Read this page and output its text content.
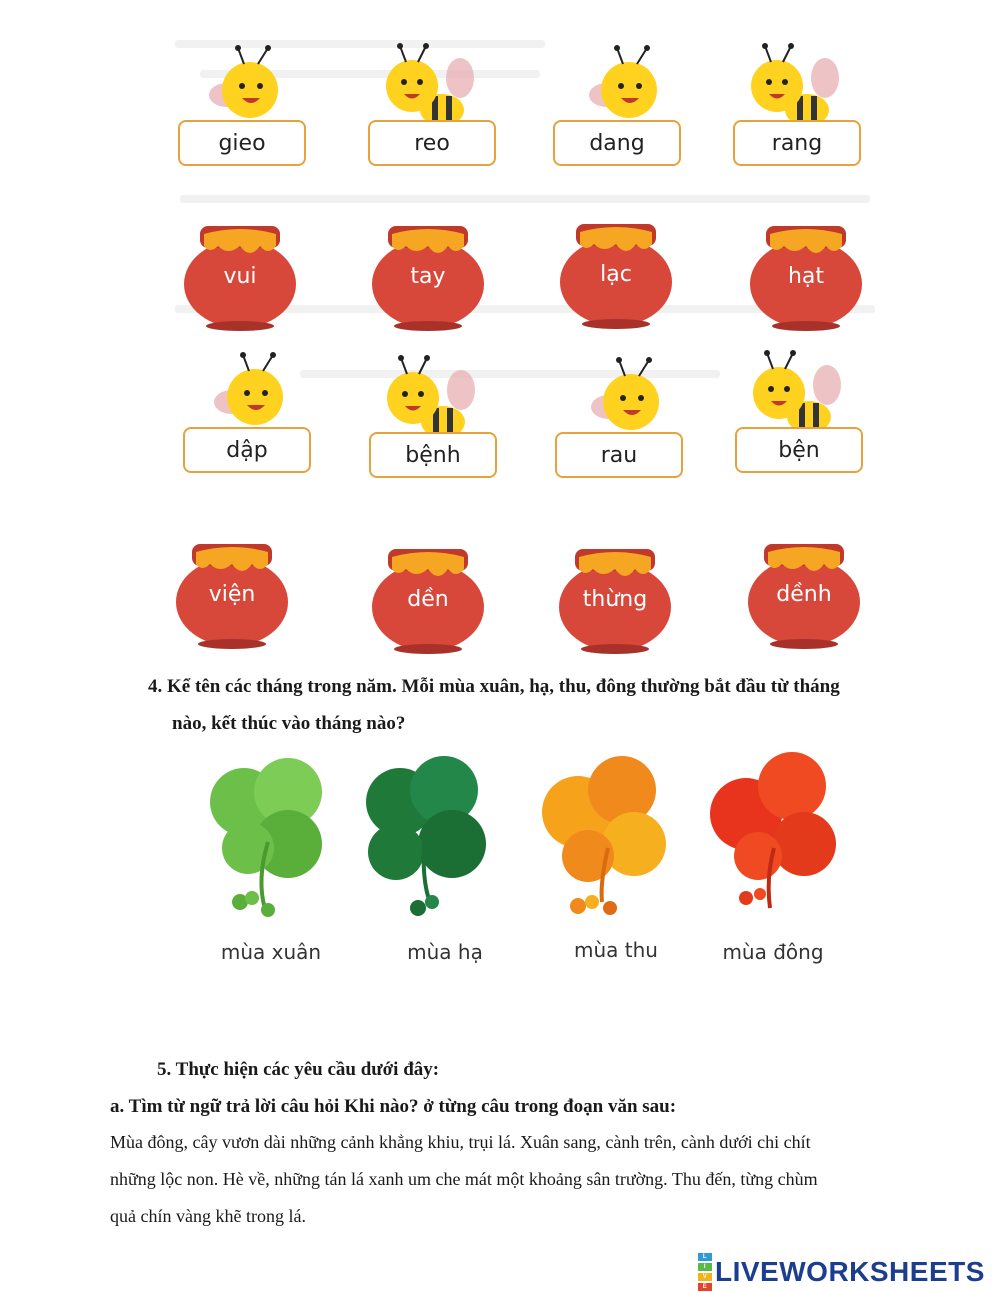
gieo	reo	dang	rang
vui	tay	lạc	hạt
dập	bệnh	rau	bện
viện	dền	thừng	dềnh
4. Kể tên các tháng trong năm. Mỗi mùa xuân, hạ, thu, đông thường bắt đầu từ tháng
nào, kết thúc vào tháng nào?
mùa xuân	mùa hạ	mùa thu	mùa đông
5. Thực hiện các yêu cầu dưới đây:
a. Tìm từ ngữ trả lời câu hỏi Khi nào? ở từng câu trong đoạn văn sau:
Mùa đông, cây vươn dài những cảnh khẳng khiu, trụi lá. Xuân sang, cành trên, cành dưới chi chít
những lộc non. Hè về, những tán lá xanh um che mát một khoảng sân trường. Thu đến, từng chùm
quả chín vàng khẽ trong lá.
L
I
V
E LIVEWORKSHEETS
